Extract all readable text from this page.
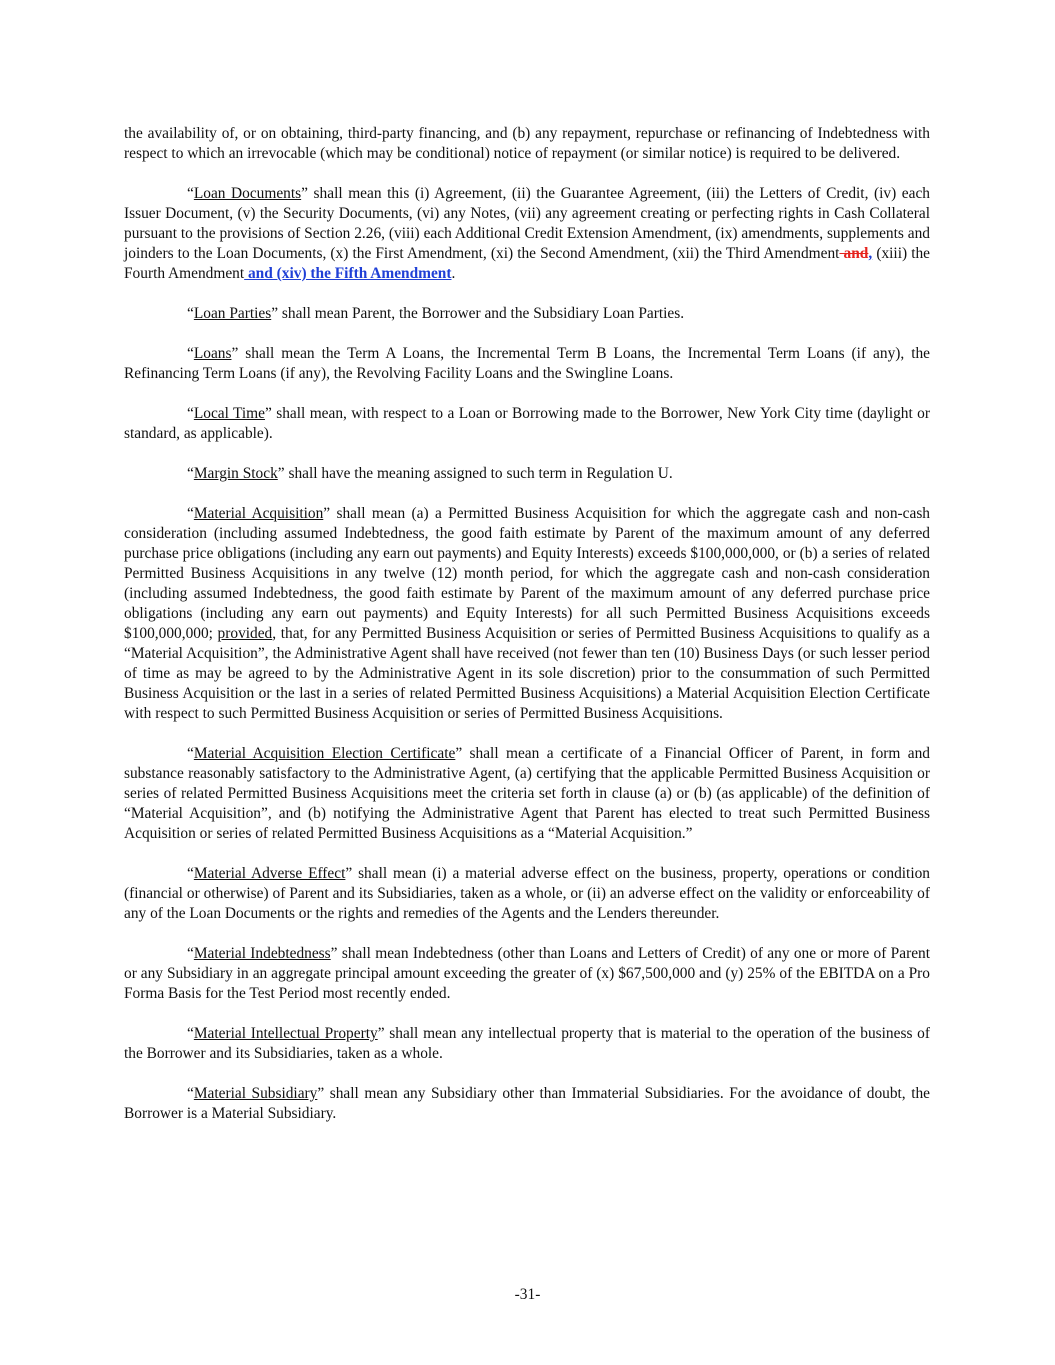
the availability of, or on obtaining, third-party financing, and (b) any repayment, repurchase or refinancing of Indebtedness with respect to which an irrevocable (which may be conditional) notice of repayment (or similar notice) is required to be delivered.

“Loan Documents” shall mean this (i) Agreement, (ii) the Guarantee Agreement, (iii) the Letters of Credit, (iv) each Issuer Document, (v) the Security Documents, (vi) any Notes, (vii) any agreement creating or perfecting rights in Cash Collateral pursuant to the provisions of Section 2.26, (viii) each Additional Credit Extension Amendment, (ix) amendments, supplements and joinders to the Loan Documents, (x) the First Amendment, (xi) the Second Amendment, (xii) the Third Amendment and, (xiii) the Fourth Amendment and (xiv) the Fifth Amendment.

“Loan Parties” shall mean Parent, the Borrower and the Subsidiary Loan Parties.

“Loans” shall mean the Term A Loans, the Incremental Term B Loans, the Incremental Term Loans (if any), the Refinancing Term Loans (if any), the Revolving Facility Loans and the Swingline Loans.

“Local Time” shall mean, with respect to a Loan or Borrowing made to the Borrower, New York City time (daylight or standard, as applicable).

“Margin Stock” shall have the meaning assigned to such term in Regulation U.

“Material Acquisition” shall mean (a) a Permitted Business Acquisition for which the aggregate cash and non-cash consideration (including assumed Indebtedness, the good faith estimate by Parent of the maximum amount of any deferred purchase price obligations (including any earn out payments) and Equity Interests) exceeds $100,000,000, or (b) a series of related Permitted Business Acquisitions in any twelve (12) month period, for which the aggregate cash and non-cash consideration (including assumed Indebtedness, the good faith estimate by Parent of the maximum amount of any deferred purchase price obligations (including any earn out payments) and Equity Interests) for all such Permitted Business Acquisitions exceeds $100,000,000; provided, that, for any Permitted Business Acquisition or series of Permitted Business Acquisitions to qualify as a “Material Acquisition”, the Administrative Agent shall have received (not fewer than ten (10) Business Days (or such lesser period of time as may be agreed to by the Administrative Agent in its sole discretion) prior to the consummation of such Permitted Business Acquisition or the last in a series of related Permitted Business Acquisitions) a Material Acquisition Election Certificate with respect to such Permitted Business Acquisition or series of Permitted Business Acquisitions.

“Material Acquisition Election Certificate” shall mean a certificate of a Financial Officer of Parent, in form and substance reasonably satisfactory to the Administrative Agent, (a) certifying that the applicable Permitted Business Acquisition or series of related Permitted Business Acquisitions meet the criteria set forth in clause (a) or (b) (as applicable) of the definition of “Material Acquisition”, and (b) notifying the Administrative Agent that Parent has elected to treat such Permitted Business Acquisition or series of related Permitted Business Acquisitions as a “Material Acquisition.”

“Material Adverse Effect” shall mean (i) a material adverse effect on the business, property, operations or condition (financial or otherwise) of Parent and its Subsidiaries, taken as a whole, or (ii) an adverse effect on the validity or enforceability of any of the Loan Documents or the rights and remedies of the Agents and the Lenders thereunder.

“Material Indebtedness” shall mean Indebtedness (other than Loans and Letters of Credit) of any one or more of Parent or any Subsidiary in an aggregate principal amount exceeding the greater of (x) $67,500,000 and (y) 25% of the EBITDA on a Pro Forma Basis for the Test Period most recently ended.

“Material Intellectual Property” shall mean any intellectual property that is material to the operation of the business of the Borrower and its Subsidiaries, taken as a whole.

“Material Subsidiary” shall mean any Subsidiary other than Immaterial Subsidiaries. For the avoidance of doubt, the Borrower is a Material Subsidiary.

-31-
